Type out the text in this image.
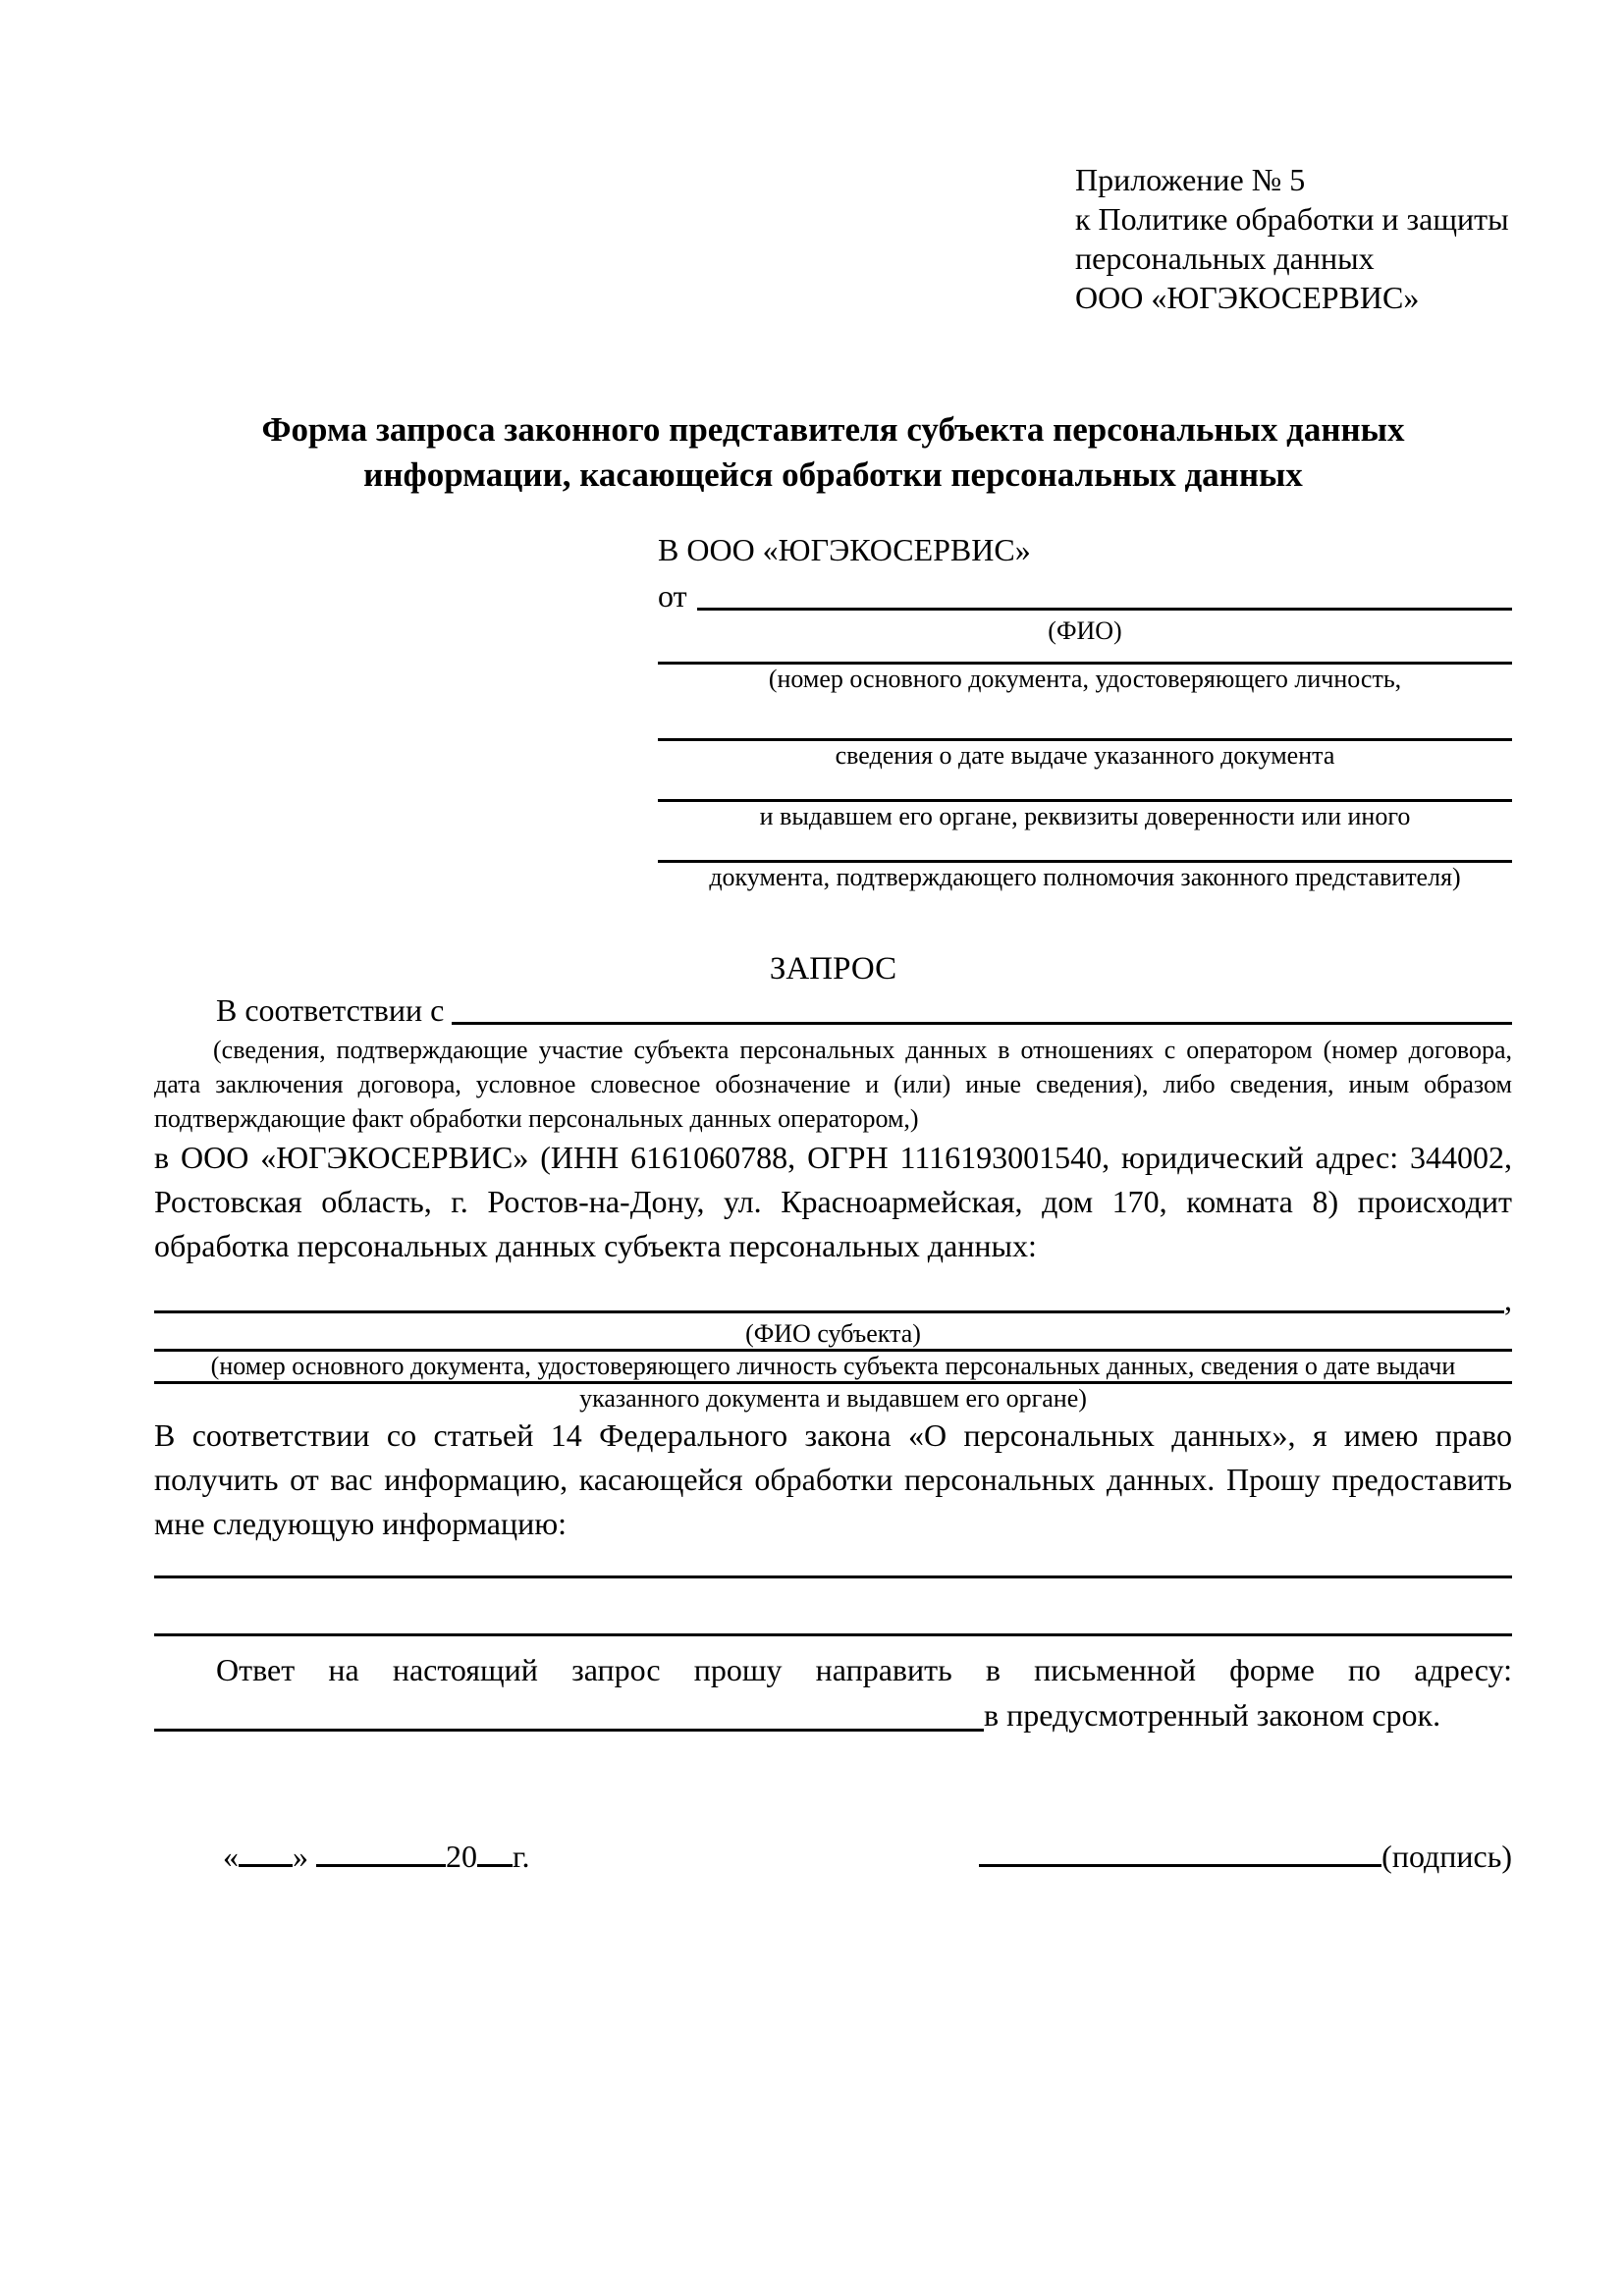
Приложение № 5
к Политике обработки и защиты
персональных данных
ООО «ЮГЭКОСЕРВИС»
Форма запроса законного представителя субъекта персональных данных
информации, касающейся обработки персональных данных
В ООО «ЮГЭКОСЕРВИС»
от
(ФИО)
(номер основного документа, удостоверяющего личность,
сведения о дате выдаче указанного документа
и выдавшем его органе, реквизиты доверенности или иного
документа, подтверждающего полномочия законного представителя)
ЗАПРОС
В соответствии с
(сведения, подтверждающие участие субъекта персональных данных в отношениях с оператором (номер договора, дата заключения договора, условное словесное обозначение и (или) иные сведения), либо сведения, иным образом подтверждающие факт обработки персональных данных оператором,)
в ООО «ЮГЭКОСЕРВИС» (ИНН 6161060788, ОГРН 1116193001540, юридический адрес: 344002, Ростовская область, г. Ростов-на-Дону, ул. Красноармейская, дом 170, комната 8) происходит обработка персональных данных субъекта персональных данных:
,
(ФИО субъекта)
(номер основного документа, удостоверяющего личность субъекта персональных данных, сведения о дате выдачи
указанного документа и выдавшем его органе)
В соответствии со статьей 14 Федерального закона «О персональных данных», я имею право получить от вас информацию, касающейся обработки персональных данных. Прошу предоставить мне следующую информацию:
Ответ на настоящий запрос прошу направить в письменной форме по адресу:
в предусмотренный законом срок.
« »	20 г.	(подпись)
